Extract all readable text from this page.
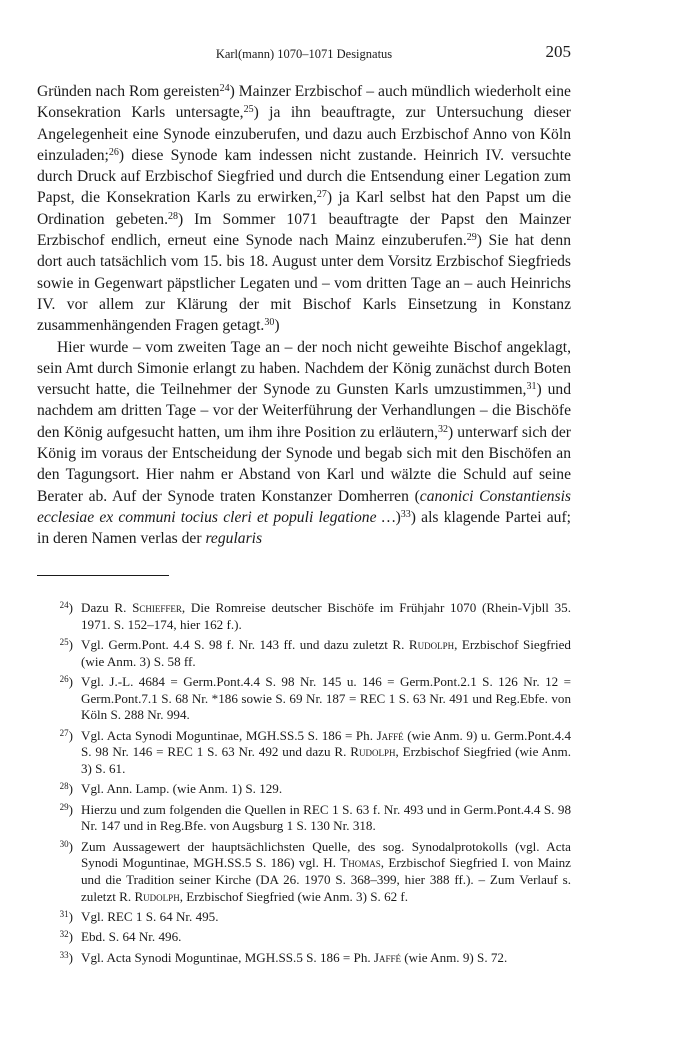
Karl(mann) 1070–1071 Designatus	205

Gründen nach Rom gereisten$^{24}$) Mainzer Erzbischof – auch mündlich wiederholt eine Konsekration Karls untersagte,$^{25}$) ja ihn beauftragte, zur Untersuchung dieser Angelegenheit eine Synode einzuberufen, und dazu auch Erzbischof Anno von Köln einzuladen;$^{26}$) diese Synode kam indessen nicht zustande. Heinrich IV. versuchte durch Druck auf Erzbischof Siegfried und durch die Entsendung einer Legation zum Papst, die Konsekration Karls zu erwirken,$^{27}$) ja Karl selbst hat den Papst um die Ordination gebeten.$^{28}$) Im Sommer 1071 beauftragte der Papst den Mainzer Erzbischof endlich, erneut eine Synode nach Mainz einzuberufen.$^{29}$) Sie hat denn dort auch tatsächlich vom 15. bis 18. August unter dem Vorsitz Erzbischof Siegfrieds sowie in Gegenwart päpstlicher Legaten und – vom dritten Tage an – auch Heinrichs IV. vor allem zur Klärung der mit Bischof Karls Einsetzung in Konstanz zusammenhängenden Fragen getagt.$^{30}$)

Hier wurde – vom zweiten Tage an – der noch nicht geweihte Bischof angeklagt, sein Amt durch Simonie erlangt zu haben. Nachdem der König zunächst durch Boten versucht hatte, die Teilnehmer der Synode zu Gunsten Karls umzustimmen,$^{31}$) und nachdem am dritten Tage – vor der Weiterführung der Verhandlungen – die Bischöfe den König aufgesucht hatten, um ihm ihre Position zu erläutern,$^{32}$) unterwarf sich der König im voraus der Entscheidung der Synode und begab sich mit den Bischöfen an den Tagungsort. Hier nahm er Abstand von Karl und wälzte die Schuld auf seine Berater ab. Auf der Synode traten Konstanzer Domherren (canonici Constantiensis ecclesiae ex communi tocius cleri et populi legatione …)$^{33}$) als klagende Partei auf; in deren Namen verlas der regularis

$^{24}$) Dazu R. Schieffer, Die Romreise deutscher Bischöfe im Frühjahr 1070 (Rhein-Vjbll 35. 1971. S. 152–174, hier 162 f.).
$^{25}$) Vgl. Germ.Pont. 4.4 S. 98 f. Nr. 143 ff. und dazu zuletzt R. Rudolph, Erzbischof Siegfried (wie Anm. 3) S. 58 ff.
$^{26}$) Vgl. J.-L. 4684 = Germ.Pont.4.4 S. 98 Nr. 145 u. 146 = Germ.Pont.2.1 S. 126 Nr. 12 = Germ.Pont.7.1 S. 68 Nr. *186 sowie S. 69 Nr. 187 = REC 1 S. 63 Nr. 491 und Reg.Ebfe. von Köln S. 288 Nr. 994.
$^{27}$) Vgl. Acta Synodi Moguntinae, MGH.SS.5 S. 186 = Ph. Jaffé (wie Anm. 9) u. Germ.Pont.4.4 S. 98 Nr. 146 = REC 1 S. 63 Nr. 492 und dazu R. Rudolph, Erzbischof Siegfried (wie Anm. 3) S. 61.
$^{28}$) Vgl. Ann. Lamp. (wie Anm. 1) S. 129.
$^{29}$) Hierzu und zum folgenden die Quellen in REC 1 S. 63 f. Nr. 493 und in Germ.Pont.4.4 S. 98 Nr. 147 und in Reg.Bfe. von Augsburg 1 S. 130 Nr. 318.
$^{30}$) Zum Aussagewert der hauptsächlichsten Quelle, des sog. Synodalprotokolls (vgl. Acta Synodi Moguntinae, MGH.SS.5 S. 186) vgl. H. Thomas, Erzbischof Siegfried I. von Mainz und die Tradition seiner Kirche (DA 26. 1970 S. 368–399, hier 388 ff.). – Zum Verlauf s. zuletzt R. Rudolph, Erzbischof Siegfried (wie Anm. 3) S. 62 f.
$^{31}$) Vgl. REC 1 S. 64 Nr. 495.
$^{32}$) Ebd. S. 64 Nr. 496.
$^{33}$) Vgl. Acta Synodi Moguntinae, MGH.SS.5 S. 186 = Ph. Jaffé (wie Anm. 9) S. 72.
